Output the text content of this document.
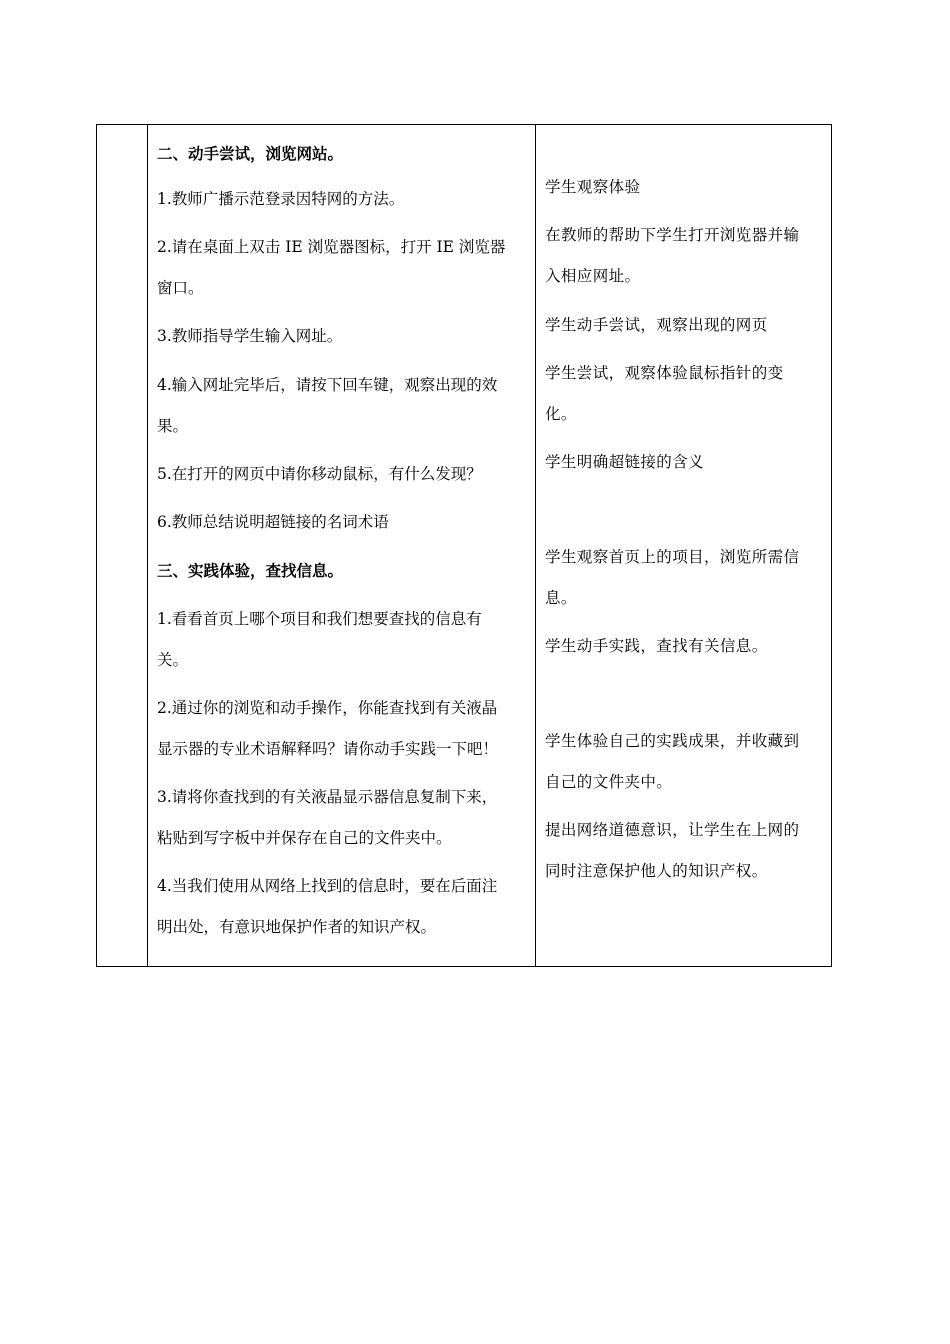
二、动手尝试，浏览网站。

1.教师广播示范登录因特网的方法。

2.请在桌面上双击 IE 浏览器图标，打开 IE 浏览器

窗口。

3.教师指导学生输入网址。

4.输入网址完毕后，请按下回车键，观察出现的效

果。

5.在打开的网页中请你移动鼠标，有什么发现？

6.教师总结说明超链接的名词术语

三、实践体验，查找信息。

1.看看首页上哪个项目和我们想要查找的信息有

关。

2.通过你的浏览和动手操作，你能查找到有关液晶

显示器的专业术语解释吗？请你动手实践一下吧！

3.请将你查找到的有关液晶显示器信息复制下来，

粘贴到写字板中并保存在自己的文件夹中。

4.当我们使用从网络上找到的信息时，要在后面注

明出处，有意识地保护作者的知识产权。

学生观察体验

在教师的帮助下学生打开浏览器并输

入相应网址。

学生动手尝试，观察出现的网页

学生尝试，观察体验鼠标指针的变

化。

学生明确超链接的含义

学生观察首页上的项目，浏览所需信

息。

学生动手实践，查找有关信息。

学生体验自己的实践成果，并收藏到

自己的文件夹中。

提出网络道德意识，让学生在上网的

同时注意保护他人的知识产权。
